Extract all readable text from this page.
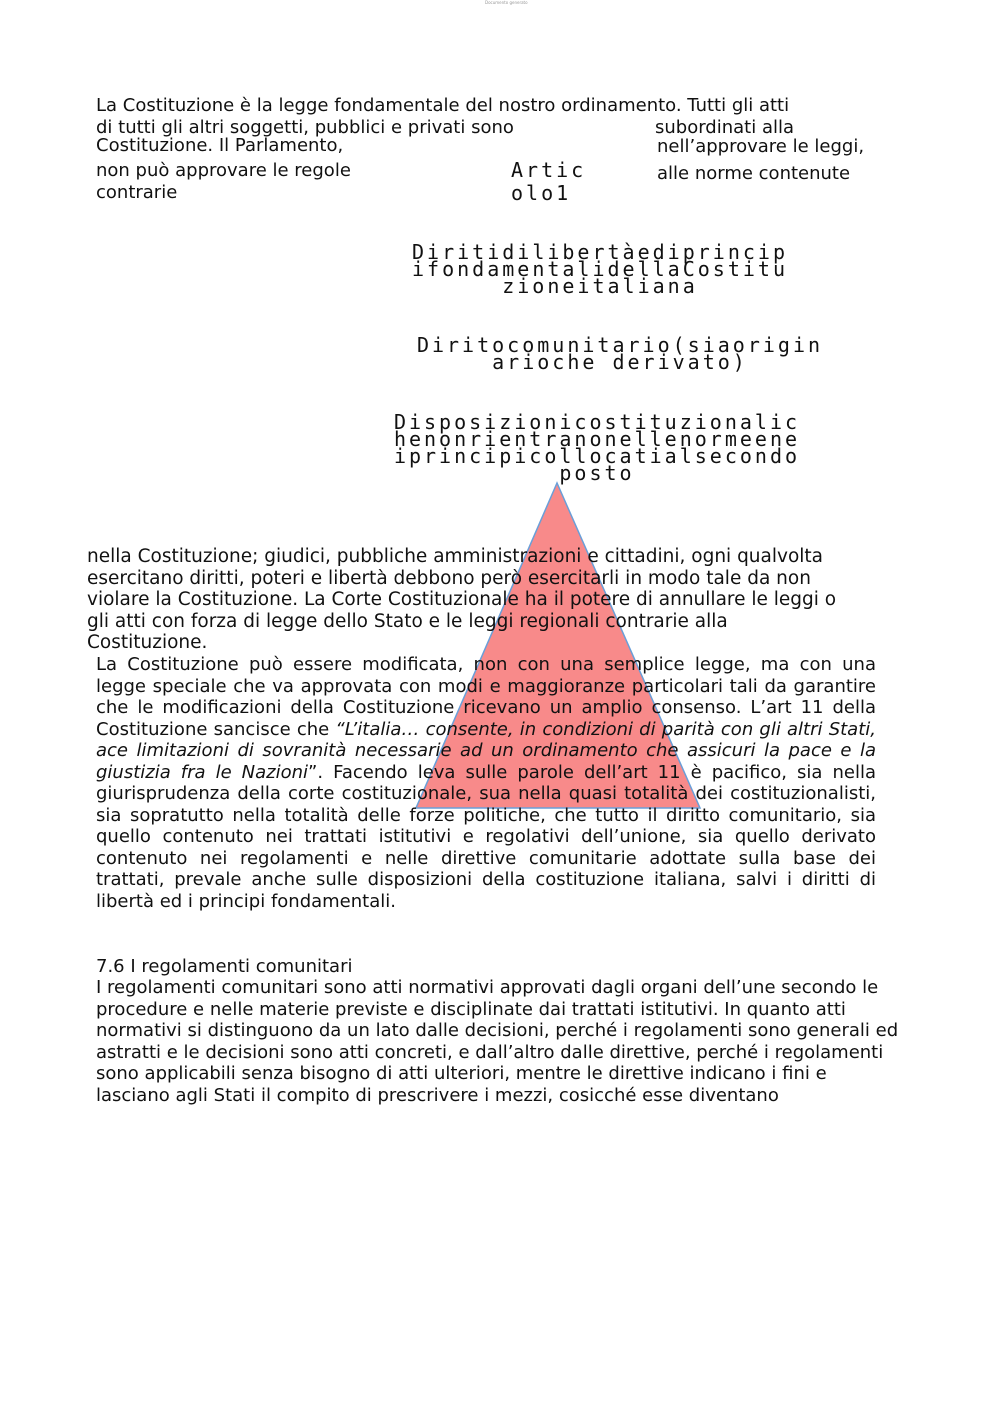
Documento generato

La Costituzione è la legge fondamentale del nostro ordinamento. Tutti gli atti

di tutti gli altri soggetti, pubblici e privati sono	subordinati alla

Costituzione. Il Parlamento,	nell’approvare le leggi,

non può approvare le regole	alle norme contenute

contrarie

Artic

olo1

DiritidilibertàediprincipifondamentalidellaCostituzioneitaliana

Diritocomunitario(siaoriginarioche derivato)

Disposizionicostituzionalichenonrientranonellenormeeneiprincipicollocatialsecondo posto

nella Costituzione; giudici, pubbliche amministrazioni e cittadini, ogni qualvolta

esercitano diritti, poteri e libertà debbono però esercitarli in modo tale da non

violare la Costituzione. La Corte Costituzionale ha il potere di annullare le leggi o

gli atti con forza di legge dello Stato e le leggi regionali contrarie alla

Costituzione.

La Costituzione può essere modificata, non con una semplice legge, ma con una legge speciale che va approvata con modi e maggioranze particolari tali da garantire che le modificazioni della Costituzione ricevano un amplio consenso. L’art 11 della Costituzione sancisce che “L’italia… consente, in condizioni di parità con gli altri Stati, ace limitazioni di sovranità necessarie ad un ordinamento che assicuri la pace e la giustizia fra le Nazioni”. Facendo leva sulle parole dell’art 11 è pacifico, sia nella giurisprudenza della corte costituzionale, sua nella quasi totalità dei costituzionalisti, sia sopratutto nella totalità delle forze politiche, che tutto il diritto comunitario, sia quello contenuto nei trattati istitutivi e regolativi dell’unione, sia quello derivato contenuto nei regolamenti e nelle direttive comunitarie adottate sulla base dei trattati, prevale anche sulle disposizioni della costituzione italiana, salvi i diritti di libertà ed i principi fondamentali.

7.6 I regolamenti comunitari

I regolamenti comunitari sono atti normativi approvati dagli organi dell’une secondo le procedure e nelle materie previste e disciplinate dai trattati istitutivi. In quanto atti normativi si distinguono da un lato dalle decisioni, perché i regolamenti sono generali ed astratti e le decisioni sono atti concreti, e dall’altro dalle direttive, perché i regolamenti sono applicabili senza bisogno di atti ulteriori, mentre le direttive indicano i fini e lasciano agli Stati il compito di prescrivere i mezzi, cosicché esse diventano
